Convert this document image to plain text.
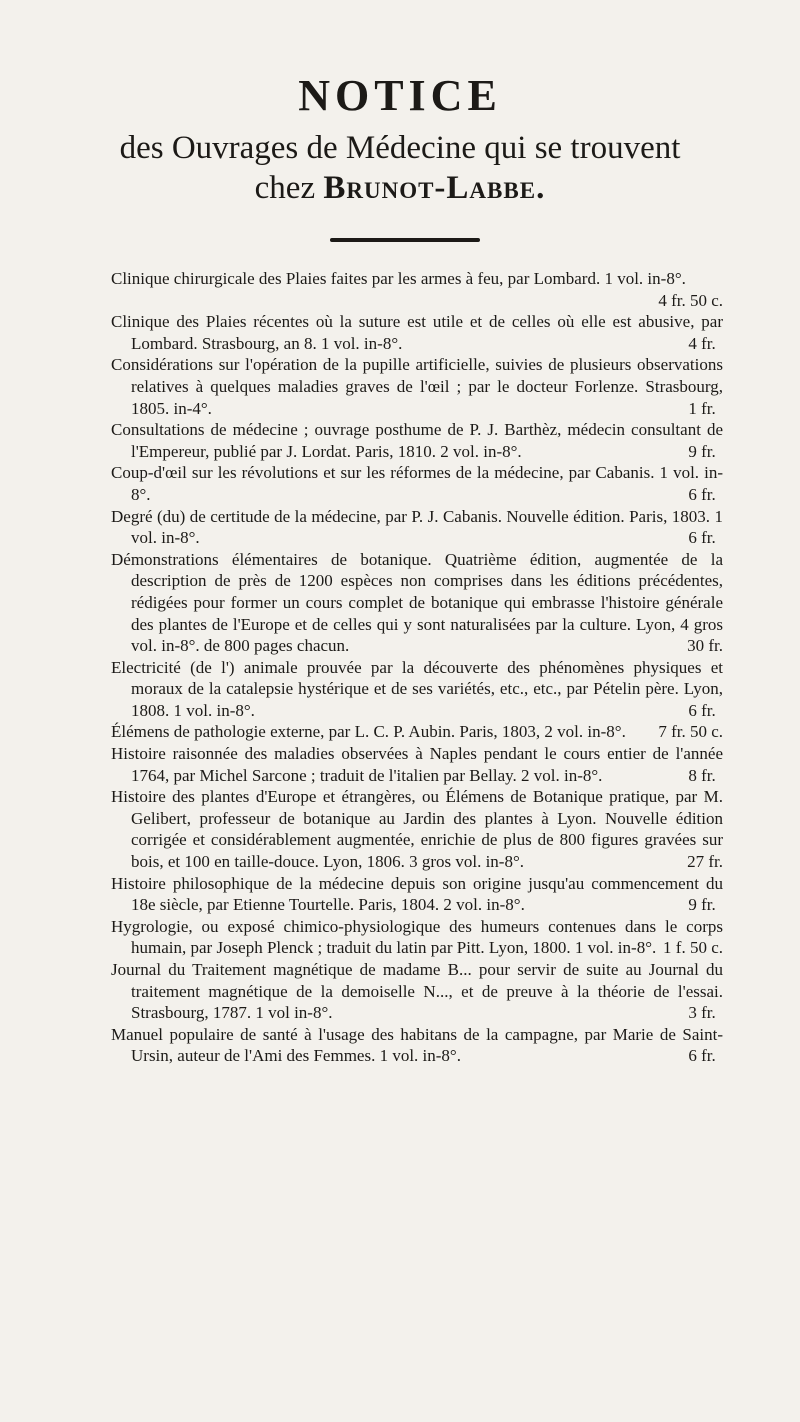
NOTICE
des Ouvrages de Médecine qui se trouvent
chez Brunot-Labbe.

Clinique chirurgicale des Plaies faites par les armes à feu, par Lombard. 1 vol. in-8°.
4 fr. 50 c.

Clinique des Plaies récentes où la suture est utile et de celles où elle est abusive, par Lombard. Strasbourg, an 8. 1 vol. in-8°.	4 fr.

Considérations sur l'opération de la pupille artificielle, suivies de plusieurs observations relatives à quelques maladies graves de l'œil ; par le docteur Forlenze. Strasbourg, 1805. in-4°.	1 fr.

Consultations de médecine ; ouvrage posthume de P. J. Barthèz, médecin consultant de l'Empereur, publié par J. Lordat. Paris, 1810. 2 vol. in-8°.	9 fr.

Coup-d'œil sur les révolutions et sur les réformes de la médecine, par Cabanis. 1 vol. in-8°.	6 fr.

Degré (du) de certitude de la médecine, par P. J. Cabanis. Nouvelle édition. Paris, 1803. 1 vol. in-8°.	6 fr.

Démonstrations élémentaires de botanique. Quatrième édition, augmentée de la description de près de 1200 espèces non comprises dans les éditions précédentes, rédigées pour former un cours complet de botanique qui embrasse l'histoire générale des plantes de l'Europe et de celles qui y sont naturalisées par la culture. Lyon, 4 gros vol. in-8°. de 800 pages chacun.	30 fr.

Electricité (de l') animale prouvée par la découverte des phénomènes physiques et moraux de la catalepsie hystérique et de ses variétés, etc., etc., par Pételin père. Lyon, 1808. 1 vol. in-8°.	6 fr.

Élémens de pathologie externe, par L. C. P. Aubin. Paris, 1803, 2 vol. in-8°. 7 fr. 50 c.

Histoire raisonnée des maladies observées à Naples pendant le cours entier de l'année 1764, par Michel Sarcone ; traduit de l'italien par Bellay. 2 vol. in-8°.	8 fr.

Histoire des plantes d'Europe et étrangères, ou Élémens de Botanique pratique, par M. Gelibert, professeur de botanique au Jardin des plantes à Lyon. Nouvelle édition corrigée et considérablement augmentée, enrichie de plus de 800 figures gravées sur bois, et 100 en taille-douce. Lyon, 1806. 3 gros vol. in-8°.	27 fr.

Histoire philosophique de la médecine depuis son origine jusqu'au commencement du 18e siècle, par Etienne Tourtelle. Paris, 1804. 2 vol. in-8°.	9 fr.

Hygrologie, ou exposé chimico-physiologique des humeurs contenues dans le corps humain, par Joseph Plenck ; traduit du latin par Pitt. Lyon, 1800. 1 vol. in-8°. 1 f. 50 c.

Journal du Traitement magnétique de madame B... pour servir de suite au Journal du traitement magnétique de la demoiselle N..., et de preuve à la théorie de l'essai. Strasbourg, 1787. 1 vol in-8°.	3 fr.

Manuel populaire de santé à l'usage des habitans de la campagne, par Marie de Saint-Ursin, auteur de l'Ami des Femmes. 1 vol. in-8°.	6 fr.
